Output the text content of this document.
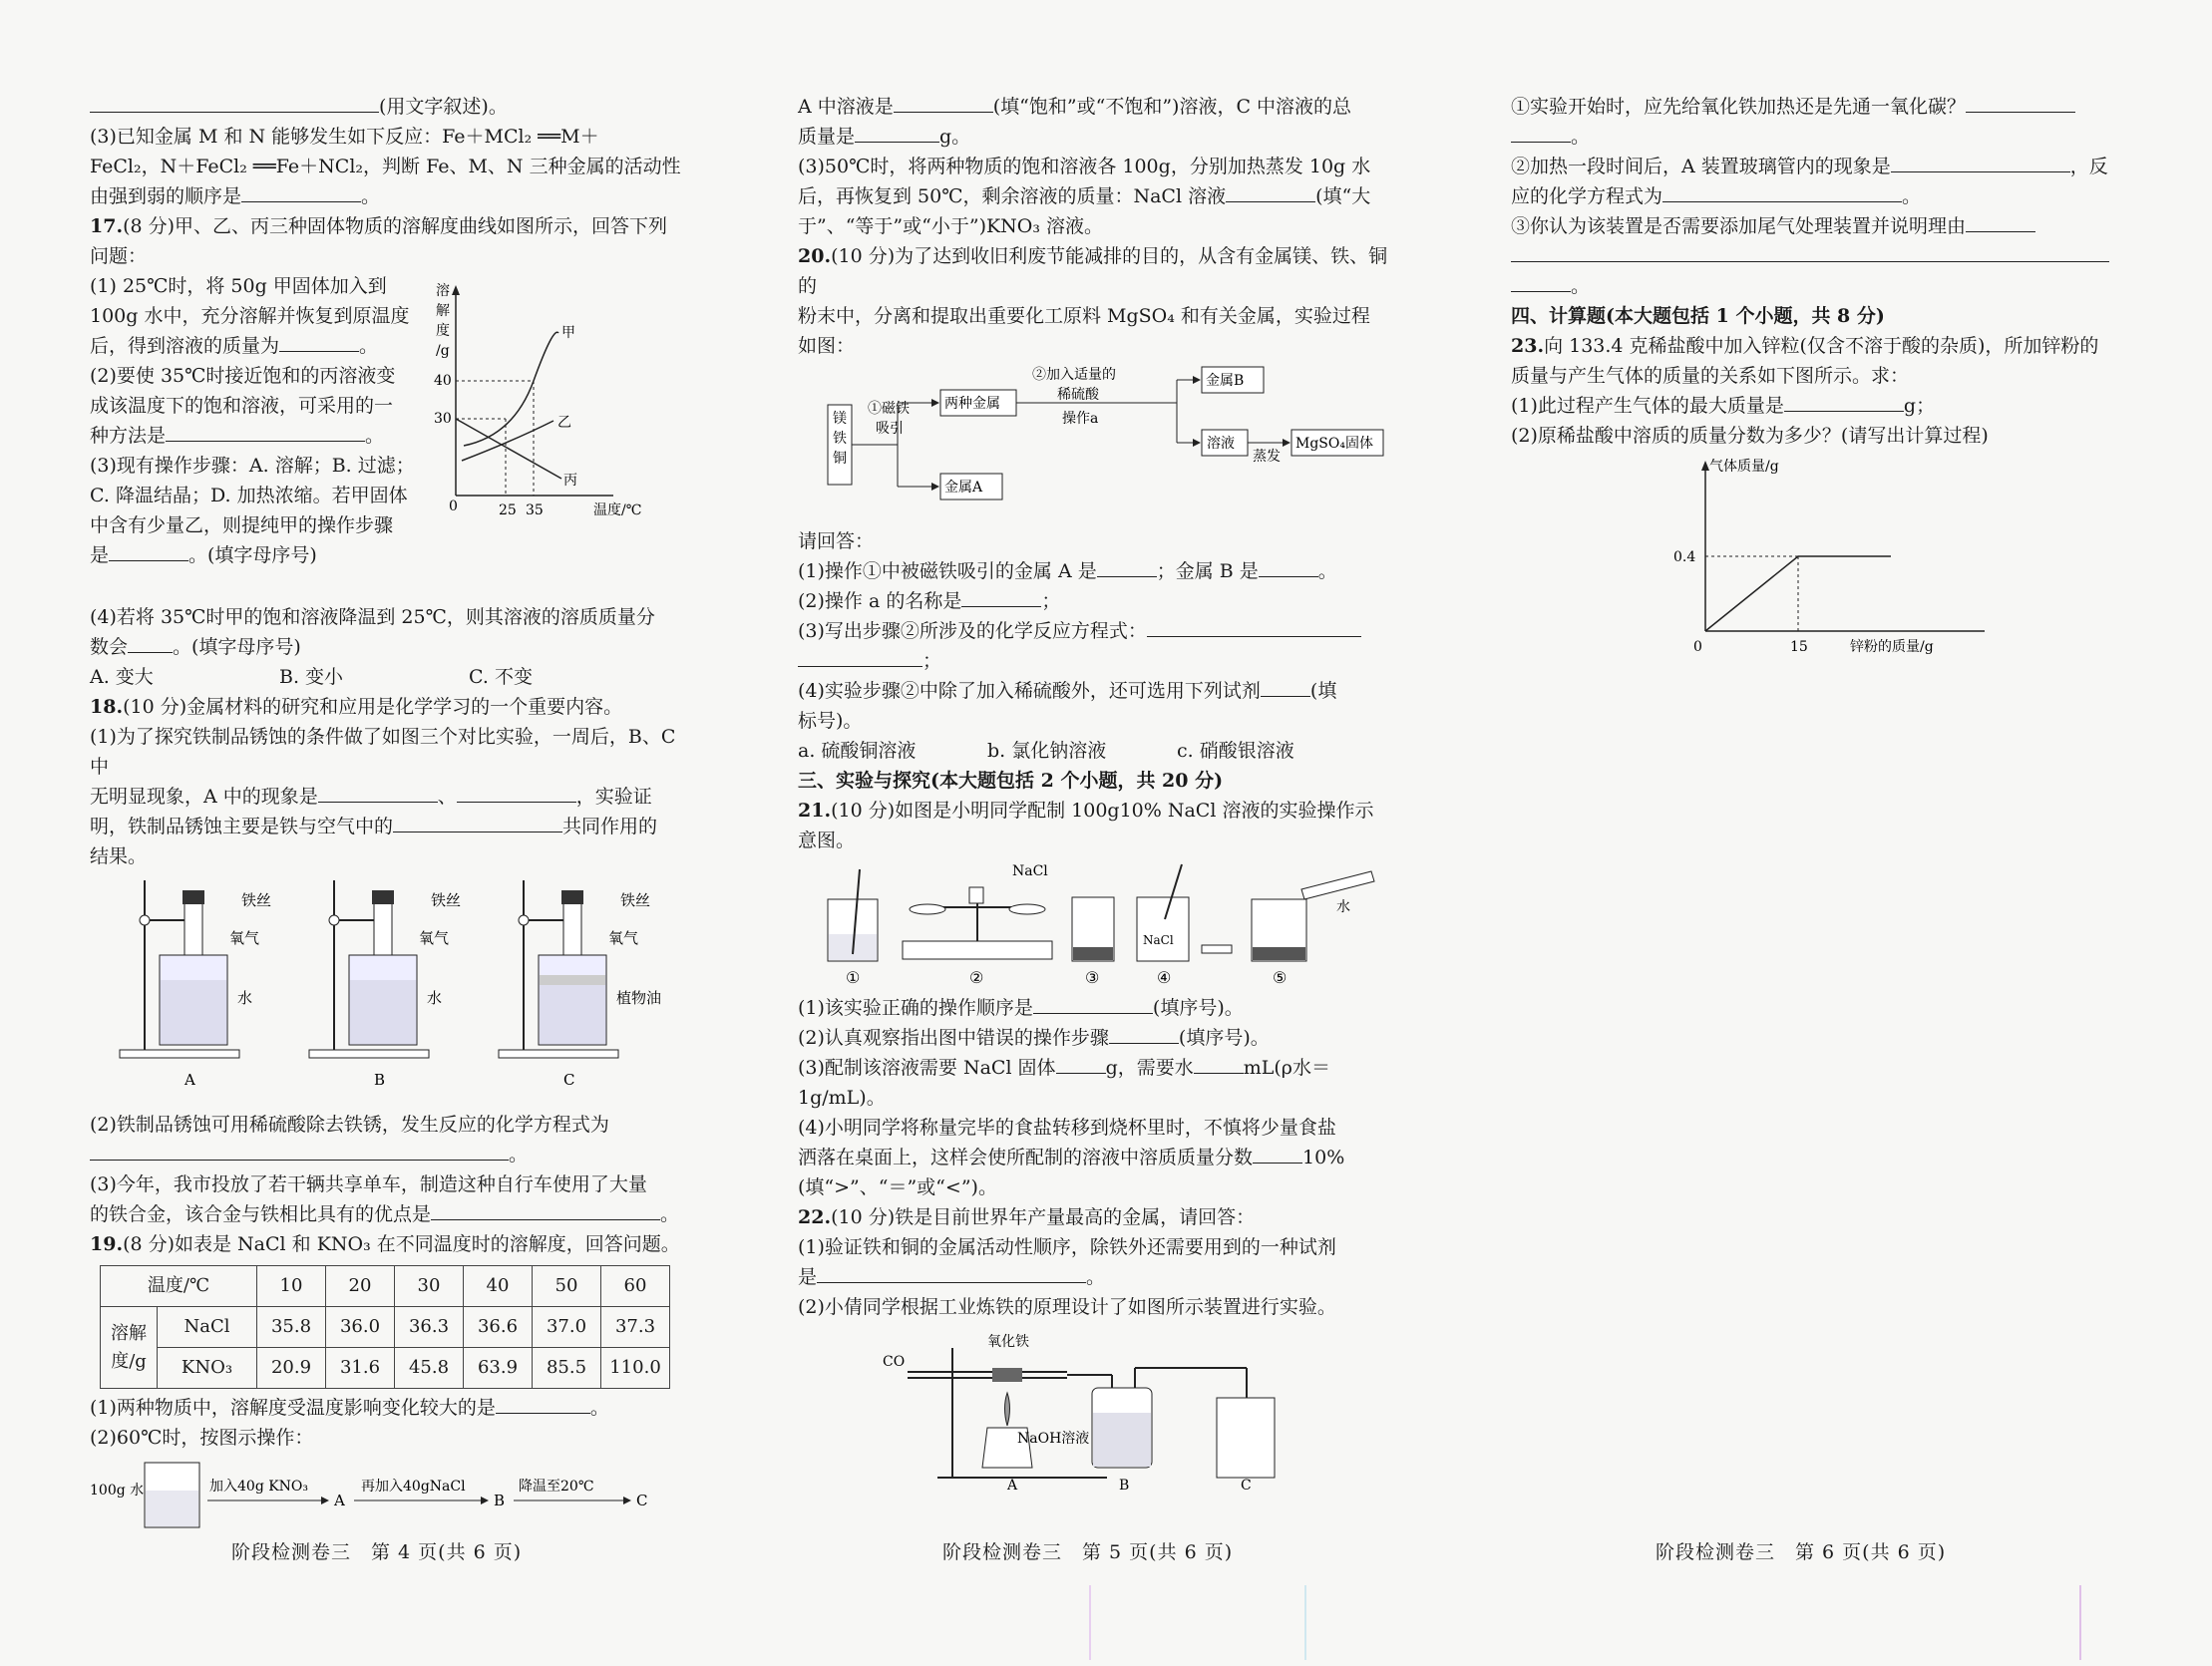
(用文字叙述)。

(3)已知金属 M 和 N 能够发生如下反应：Fe＋MCl₂ ══M＋

FeCl₂，N＋FeCl₂ ══Fe＋NCl₂，判断 Fe、M、N 三种金属的活动性

由强到弱的顺序是	。

17.(8 分)甲、乙、丙三种固体物质的溶解度曲线如图所示，回答下列

问题：

(1) 25℃时，将 50g 甲固体加入到

100g 水中，充分溶解并恢复到原温度

后，得到溶液的质量为	。

(2)要使 35℃时接近饱和的丙溶液变

成该温度下的饱和溶液，可采用的一

种方法是	。

(3)现有操作步骤：A. 溶解；B. 过滤；

C. 降温结晶；D. 加热浓缩。若甲固体

中含有少量乙，则提纯甲的操作步骤

是	。(填字母序号)

溶
解
度
/g
0
40
30
25 35	温度/℃
甲
乙
丙

(4)若将 35℃时甲的饱和溶液降温到 25℃，则其溶液的溶质质量分

数会 。(填字母序号)

A. 变大	B. 变小	C. 不变

18.(10 分)金属材料的研究和应用是化学学习的一个重要内容。

(1)为了探究铁制品锈蚀的条件做了如图三个对比实验，一周后，B、C 中

无明显现象，A 中的现象是	、	，实验证

明，铁制品锈蚀主要是铁与空气中的	共同作用的

结果。

铁丝
氧气
水
铁丝
氧气
水
铁丝
氧气
植物油
A	B	C

(2)铁制品锈蚀可用稀硫酸除去铁锈，发生反应的化学方程式为

。

(3)今年，我市投放了若干辆共享单车，制造这种自行车使用了大量

的铁合金，该合金与铁相比具有的优点是	。

19.(8 分)如表是 NaCl 和 KNO₃ 在不同温度时的溶解度，回答问题。

温度/℃		10	20	30	40	50	60
溶解度/g	NaCl	35.8	36.0	36.3	36.6	37.0	37.3
	KNO₃	20.9	31.6	45.8	63.9	85.5	110.0

(1)两种物质中，溶解度受温度影响变化较大的是	。

(2)60℃时，按图示操作：

100g 水	加入40g KNO₃
A
再加入40gNaCl
B
降温至20℃
C
阶段检测卷三　第 4 页(共 6 页)

A 中溶液是	(填“饱和”或“不饱和”)溶液，C 中溶液的总

质量是	g。

(3)50℃时，将两种物质的饱和溶液各 100g，分别加热蒸发 10g 水

后，再恢复到 50℃，剩余溶液的质量：NaCl 溶液	(填“大

于”、“等于”或“小于”)KNO₃ 溶液。

20.(10 分)为了达到收旧利废节能减排的目的，从含有金属镁、铁、铜的

粉末中，分离和提取出重要化工原料 MgSO₄ 和有关金属，实验过程

如图：

镁铁铜
①磁铁
吸引
两种金属
金属A
②加入适量的
稀硫酸
操作a
金属B
溶液
蒸发
MgSO₄固体

请回答：

(1)操作①中被磁铁吸引的金属 A 是	；金属 B 是	。

(2)操作 a 的名称是	；

(3)写出步骤②所涉及的化学反应方程式：

；

(4)实验步骤②中除了加入稀硫酸外，还可选用下列试剂	(填

标号)。

a. 硫酸铜溶液	b. 氯化钠溶液	c. 硝酸银溶液

三、实验与探究(本大题包括 2 个小题，共 20 分)

21.(10 分)如图是小明同学配制 100g10% NaCl 溶液的实验操作示

意图。

NaCl
NaCl
水
①	②	③	④	⑤

(1)该实验正确的操作顺序是	(填序号)。

(2)认真观察指出图中错误的操作步骤	(填序号)。

(3)配制该溶液需要 NaCl 固体	g，需要水	mL(ρ水＝1g/mL)。

(4)小明同学将称量完毕的食盐转移到烧杯里时，不慎将少量食盐

洒落在桌面上，这样会使所配制的溶液中溶质质量分数	10%

(填“>”、“＝”或“<”)。

22.(10 分)铁是目前世界年产量最高的金属，请回答：

(1)验证铁和铜的金属活动性顺序，除铁外还需要用到的一种试剂

是	。

(2)小倩同学根据工业炼铁的原理设计了如图所示装置进行实验。

CO
氧化铁
NaOH溶液
A	B	C
阶段检测卷三　第 5 页(共 6 页)

①实验开始时，应先给氧化铁加热还是先通一氧化碳？

。

②加热一段时间后，A 装置玻璃管内的现象是	，反

应的化学方程式为	。

③你认为该装置是否需要添加尾气处理装置并说明理由

。

四、计算题(本大题包括 1 个小题，共 8 分)

23.向 133.4 克稀盐酸中加入锌粒(仅含不溶于酸的杂质)，所加锌粉的

质量与产生气体的质量的关系如下图所示。求：

(1)此过程产生气体的最大质量是	g；

(2)原稀盐酸中溶质的质量分数为多少？(请写出计算过程)

气体质量/g
锌粉的质量/g
0	15
0.4
阶段检测卷三　第 6 页(共 6 页)
